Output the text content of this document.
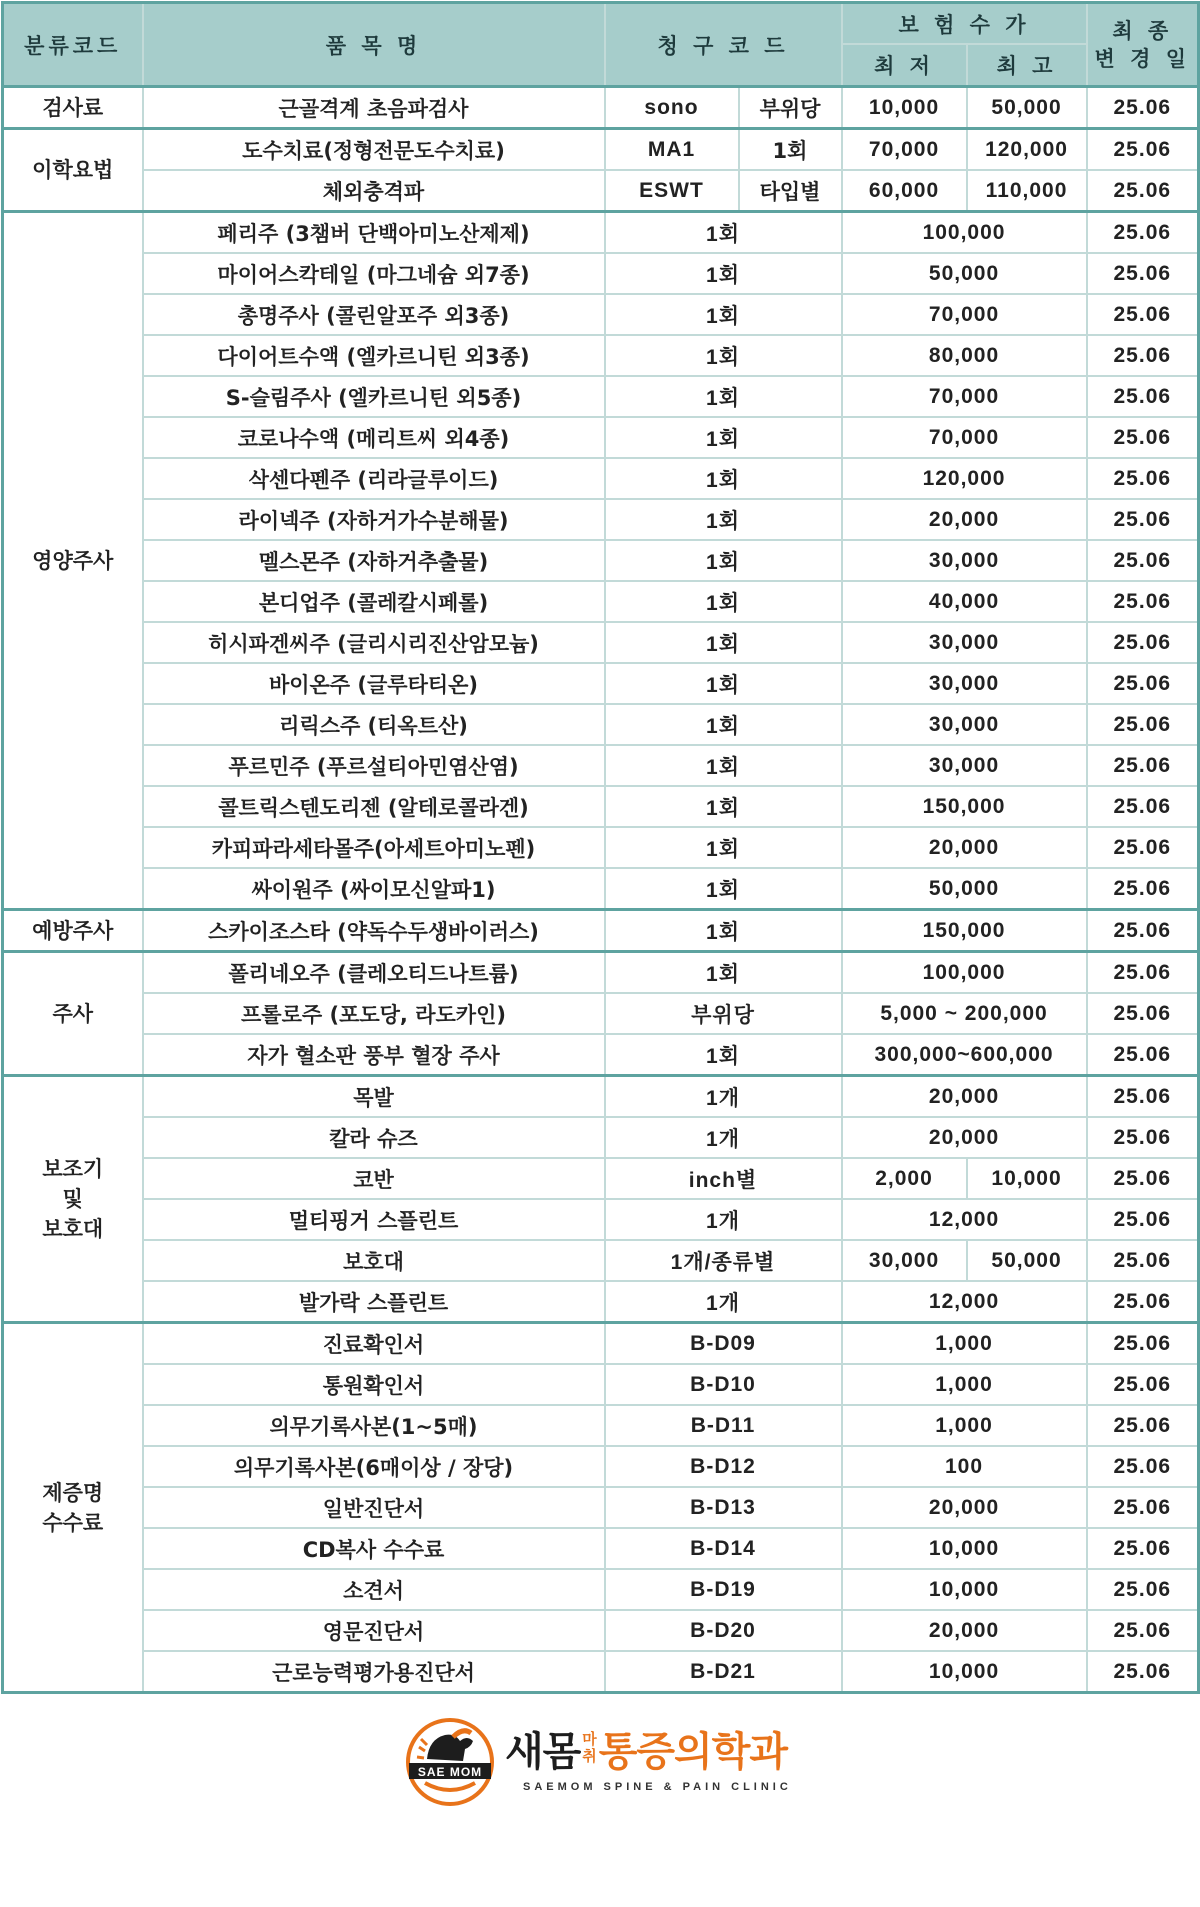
분류코드	품 목 명	청 구 코 드		보 험 수 가		최 종
변 경 일

				최 저	최 고	
검사료	근골격계 초음파검사	sono	부위당	10,000	50,000	25.06
이학요법	도수치료(정형전문도수치료)	MA1	1회	70,000	120,000	25.06
	체외충격파	ESWT	타입별	60,000	110,000	25.06
영양주사	페리주 (3챔버 단백아미노산제제)	1회		100,000		25.06
	마이어스칵테일 (마그네슘 외7종)	1회		50,000		25.06
	총명주사 (콜린알포주 외3종)	1회		70,000		25.06
	다이어트수액 (엘카르니틴 외3종)	1회		80,000		25.06
	S-슬림주사 (엘카르니틴 외5종)	1회		70,000		25.06
	코로나수액 (메리트씨 외4종)	1회		70,000		25.06
	삭센다펜주 (리라글루이드)	1회		120,000		25.06
	라이넥주 (자하거가수분해물)	1회		20,000		25.06
	멜스몬주 (자하거추출물)	1회		30,000		25.06
	본디업주 (콜레칼시페롤)	1회		40,000		25.06
	히시파겐씨주 (글리시리진산암모늄)	1회		30,000		25.06
	바이온주 (글루타티온)	1회		30,000		25.06
	리릭스주 (티옥트산)	1회		30,000		25.06
	푸르민주 (푸르설티아민염산염)	1회		30,000		25.06
	콜트릭스텐도리젠 (알테로콜라겐)	1회		150,000		25.06
	카피파라세타몰주(아세트아미노펜)	1회		20,000		25.06
	싸이원주 (싸이모신알파1)	1회		50,000		25.06
예방주사	스카이조스타 (약독수두생바이러스)	1회		150,000		25.06
주사	폴리네오주 (클레오티드나트륨)	1회		100,000		25.06
	프롤로주 (포도당, 라도카인)	부위당		5,000 ~ 200,000		25.06
	자가 혈소판 풍부 혈장 주사	1회		300,000~600,000		25.06
보조기
및
보호대	목발	1개		20,000		25.06
	칼라 슈즈	1개		20,000		25.06
	코반	inch별		2,000	10,000	25.06
	멀티핑거 스플린트	1개		12,000		25.06
	보호대	1개/종류별		30,000	50,000	25.06
	발가락 스플린트	1개		12,000		25.06
제증명
수수료	진료확인서	B-D09		1,000		25.06
	통원확인서	B-D10		1,000		25.06
	의무기록사본(1~5매)	B-D11		1,000		25.06
	의무기록사본(6매이상 / 장당)	B-D12		100		25.06
	일반진단서	B-D13		20,000		25.06
	CD복사 수수료	B-D14		10,000		25.06
	소견서	B-D19		10,000		25.06
	영문진단서	B-D20		20,000		25.06
	근로능력평가용진단서	B-D21		10,000		25.06
SAE MOM 새몸 마
취 통증의학과
SAEMOM SPINE & PAIN CLINIC
